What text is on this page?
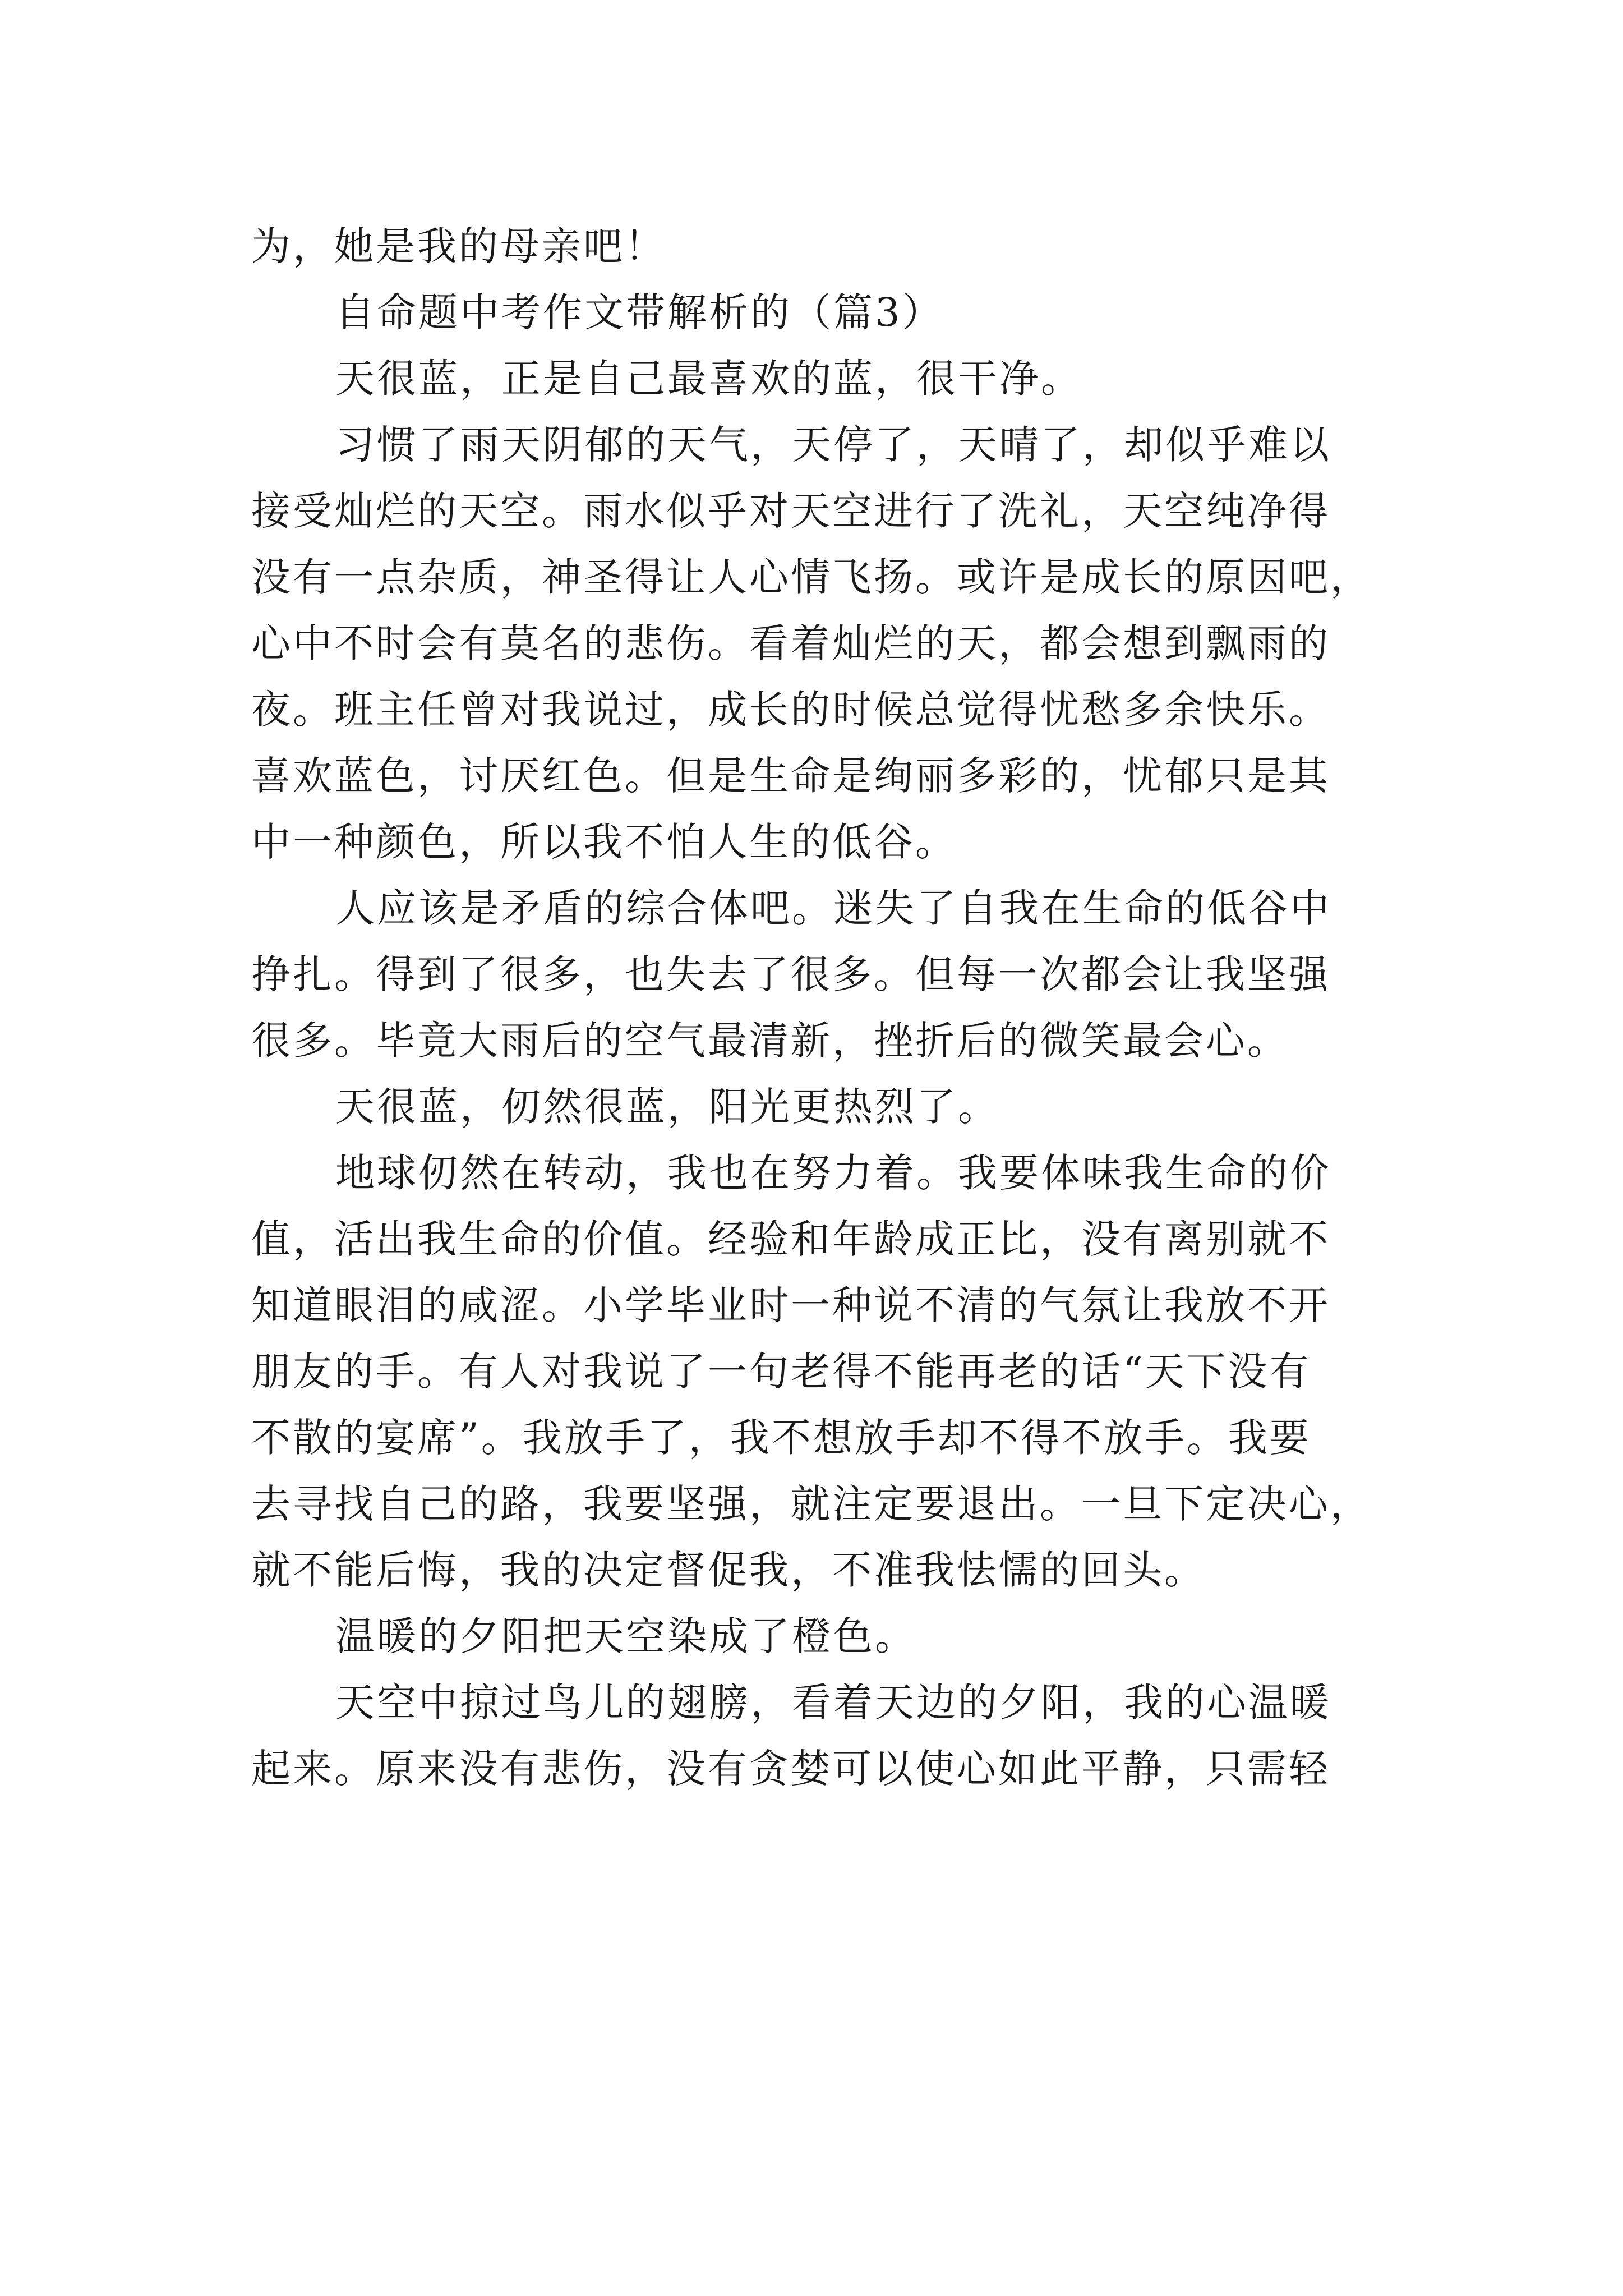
为，她是我的母亲吧！
自命题中考作文带解析的（篇3）
天很蓝，正是自己最喜欢的蓝，很干净。
习惯了雨天阴郁的天气，天停了，天晴了，却似乎难以
接受灿烂的天空。雨水似乎对天空进行了洗礼，天空纯净得
没有一点杂质，神圣得让人心情飞扬。或许是成长的原因吧，
心中不时会有莫名的悲伤。看着灿烂的天，都会想到飘雨的
夜。班主任曾对我说过，成长的时候总觉得忧愁多余快乐。
喜欢蓝色，讨厌红色。但是生命是绚丽多彩的，忧郁只是其
中一种颜色，所以我不怕人生的低谷。
人应该是矛盾的综合体吧。迷失了自我在生命的低谷中
挣扎。得到了很多，也失去了很多。但每一次都会让我坚强
很多。毕竟大雨后的空气最清新，挫折后的微笑最会心。
天很蓝，仞然很蓝，阳光更热烈了。
地球仞然在转动，我也在努力着。我要体味我生命的价
值，活出我生命的价值。经验和年龄成正比，没有离别就不
知道眼泪的咸涩。小学毕业时一种说不清的气氛让我放不开
朋友的手。有人对我说了一句老得不能再老的话“天下没有
不散的宴席”。我放手了，我不想放手却不得不放手。我要
去寻找自己的路，我要坚强，就注定要退出。一旦下定决心，
就不能后悔，我的决定督促我，不准我怯懦的回头。
温暖的夕阳把天空染成了橙色。
天空中掠过鸟儿的翅膀，看着天边的夕阳，我的心温暖
起来。原来没有悲伤，没有贪婪可以使心如此平静，只需轻
